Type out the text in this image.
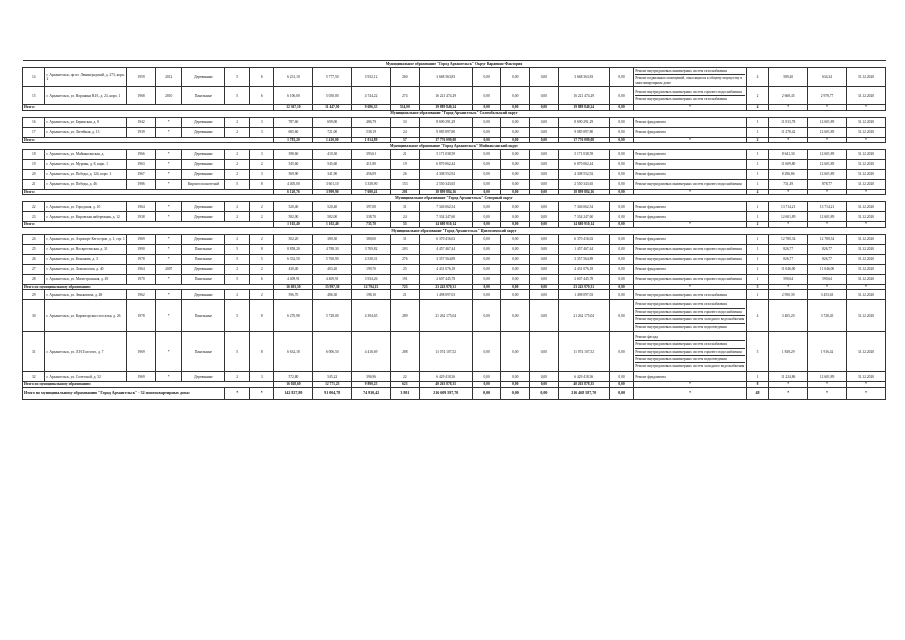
Муниципальное образование "Город Архангельск" Округ Варавино-Фактория																					
14	г. Архангельск, пр-кт. Ленинградский, д. 273, корп. 2	1959	2012	Деревянные	5	6	6 231,10	5 777,50	3 932,12	260	3 668 363,83	0,00	0,00	0,00	3 668 363,83	0,00	Ремонт внутридомовых инженерных систем газоснабжения
Ремонт подвальных помещений, относящихся к общему имуществу в многоквартирном доме	4	589,20	634,34	31.12.2020
15	г. Архангельск, ул. Воронина В.И., д. 23, корп. 1	1968	2010	Панельные	5	6	6 106,00	5 050,00	4 744,22	274	16 221 474,29	0,00	0,00	0,00	16 221 474,29	0,00	Ремонт внутридомовых инженерных систем горячего водоснабжения
Ремонт внутридомовых инженерных систем газоснабжения	2	2 668,45	2 978,77	31.12.2020
Итого:							12 367,10	11 447,50	9 686,35	534,00	19 889 840,24	0,00	0,00	0,00	19 889 840,24	0,00	*	4	*	*	*
Муниципальное образование "Город Архангельск" Соломбальский округ																					
16	г. Архангельск, ул. Беринская, д. 8	1942	*	Деревянные	2	3	787,60	699,00	486,79	33	8 690 291,29	0,00	0,00	0,00	8 690 291,29	0,00	Ремонт фундамента	1	11 033,78	12 601,89	31.12.2020
17	г. Архангельск, ул. Литейная, д. 13	1939	*	Деревянные	2	3	685,60	721,00	538,19	24	9 085 897,80	0,00	0,00	0,00	9 085 897,80	0,00	Ремонт фундамента	1	11 278,42	12 601,89	31.12.2020
Итого:							1 783,20	1 410,00	1 014,89	57	17 776 099,08	0,00	0,00	0,00	17 776 099,08	0,00	*	2	*	*	*
Муниципальное образование "Город Архангельск" Маймаксанский округ																					
18	г. Архангельск, ул. Маймаксанская, д.	1966	*	Деревянные	2	3	398,60	410,30	393,61	21	5 171 038,59	0,00	0,00	0,00	5 171 038,59	0,00	Ремонт фундамента	1	8 641,30	12 601,89	31.12.2020
19	г. Архангельск, ул. Мурман, д. 8, корп. 1	1963	*	Деревянные	2	2	545,60	545,60	411,80	19	6 870 062,44	0,00	0,00	0,00	6 870 062,44	0,00	Ремонт фундамента	1	11 609,80	12 601,89	31.12.2020
20	г. Архангельск, ул. Победы, д. 124, корп. 1	1967	*	Деревянные	2	3	569,90	341,90	456,09	26	4 308 552,92	0,00	0,00	0,00	4 308 552,92	0,00	Ремонт фундамента	1	8 296,86	12 601,89	31.12.2020
21	г. Архангельск, ул. Победы, д. 46	1986	*	Кирпич полнотелый	5	8	4 405,00	3 601,10	3 338,90	153	2 550 343,65	0,00	0,00	0,00	2 550 343,65	0,00	Ремонт внутридомовых инженерных систем горячего водоснабжения	1	731,49	878,77	31.12.2020
Итого:							6 120,76	3 999,90	7 690,41	201	18 899 884,16	0,00	0,00	0,00	18 899 884,16	0,00	*	4	*	*	*
Муниципальное образование "Город Архангельск" Северный округ																					
22	г. Архангельск, ул. Городская, д. 10	1964	*	Деревянные	2	2	520,40	520,40	397,00	31	7 346 062,54	0,00	0,00	0,00	7 346 062,54	0,00	Ремонт фундамента	1	13 714,21	13 714,21	31.12.2020
23	г. Архангельск, ул. Кировская набережная, д. 12	1938	*	Деревянные	2	2	582,00	582,00	338,70	24	7 334 247,60	0,00	0,00	0,00	7 334 247,60	0,00	Ремонт фундамента	1	12 601,89	12 601,89	31.12.2020
Итого:							1 102,40	1 102,40	735,70	55	14 680 910,14	0,00	0,00	0,00	14 680 910,14	0,00	*	2	*	*	*
Муниципальное образование "Город Архангельск" Цигломенский округ																					
24	г. Архангельск, ул. Аэропорт Кегостров, д. 1, стр. 1	1969	*	Деревянные	2	2	502,20	380,30	380,00	31	6 370 416,02	0,00	0,00	0,00	6 370 416,02	0,00	Ремонт фундамента	1	12 780,34	12 780,34	31.12.2020
25	г. Архангельск, ул. Воскресенская, д. 31	1990	*	Панельные	5	8	8 858,20	4 788,30	3 709,82	203	4 457 467,44	0,00	0,00	0,00	1 457 467,44	0,00	Ремонт внутридомовых инженерных систем горячего водоснабжения	1	826,77	826,77	31.12.2020
26	г. Архангельск, ул. Кононова, д. 3	1978	*	Панельные	5	5	6 332,50	5 760,90	4 538,31	276	3 357 564,89	0,00	0,00	0,00	3 357 564,89	0,00	Ремонт внутридомовых инженерных систем горячего водоснабжения	1	826,77	826,77	31.12.2020
27	г. Архангельск, ул. Ломоносова, д. 40	1964	2007	Деревянные	2	2	430,40	403,20	199,70	25	4 431 076,18	0,00	0,00	0,00	4 431 076,18	0,00	Ремонт фундамента	1	11 046,00	11 046,00	31.12.2020
28	г. Архангельск, ул. Магистральная, д. 49	1970	*	Панельные	5	6	4 409,91	4 409,91	3 934,26	191	2 607 445,78	0,00	0,00	0,00	2 607 445,78	0,00	Ремонт внутридомовых инженерных систем горячего водоснабжения	1	590,64	590,64	31.12.2020
Итого по муниципальному образованию:							16 693,50	15 997,30	12 794,15	723	23 243 970,31	0,00	0,00	0,00	23 243 970,31	0,00	*	5	*	*	*
29	г. Архангельск, ул. Зеньковича, д. 48	1962	*	Деревянные	2	2	596,70	486,30	198,10	21	1 498 097,03	0,00	0,00	0,00	1 498 097,03	0,00	Ремонт внутридомовых инженерных систем газоснабжения	1	2 950,39	3 453,63	31.12.2020
30	г. Архангельск, ул. Карпогорского поселка, д. 26	1978	*	Панельные	5	8	6 270,98	5 728,00	4 394,65	289	21 262 175,04	0,00	0,00	0,00	21 262 175,04	0,00	Ремонт внутридомовых инженерных систем газоснабжения
Ремонт внутридомовых инженерных систем горячего водоснабжения
Ремонт внутридомовых инженерных систем холодного водоснабжения
Ремонт внутридомовых инженерных систем водоотведения	4	3 405,20	3 728,45	31.12.2020
31	г. Архангельск, ул. Л.Н.Толстого, д. 7	1969	*	Панельные	5	8	6 632,18	6 006,50	4 416,69	288	11 074 107,52	0,00	0,00	0,00	11 074 107,52	0,00	Ремонт фасада
Ремонт внутридомовых инженерных систем газоснабжения
Ремонт внутридомовых инженерных систем горячего водоснабжения
Ремонт внутридомовых инженерных систем водоотведения
Ремонт внутридомовых инженерных систем холодного водоснабжения	5	1 838,29	1 916,42	31.12.2020
32	г. Архангельск, ул. Сочетской, д. 52	1969	*	Деревянные	2	3	572,80	545,22	396,96	22	6 429 418,36	0,00	0,00	0,00	6 429 418,36	0,00	Ремонт фундамента	1	11 224,86	12 601,89	31.12.2020
Итого по муниципальному образованию:							16 028,60	12 771,25	9 890,25	623	40 263 878,35	0,00	0,00	0,00	40 263 878,35	0,00	*	8	*	*	*
Итого по муниципальному образованию "Город Архангельск" - 32 многоквартирных дома:					*	*	142 827,80	91 004,78	74 930,42	3 801	216 609 597,70	0,00	0,00	0,00	216 468 587,70	0,00	*	48	*	*	*
